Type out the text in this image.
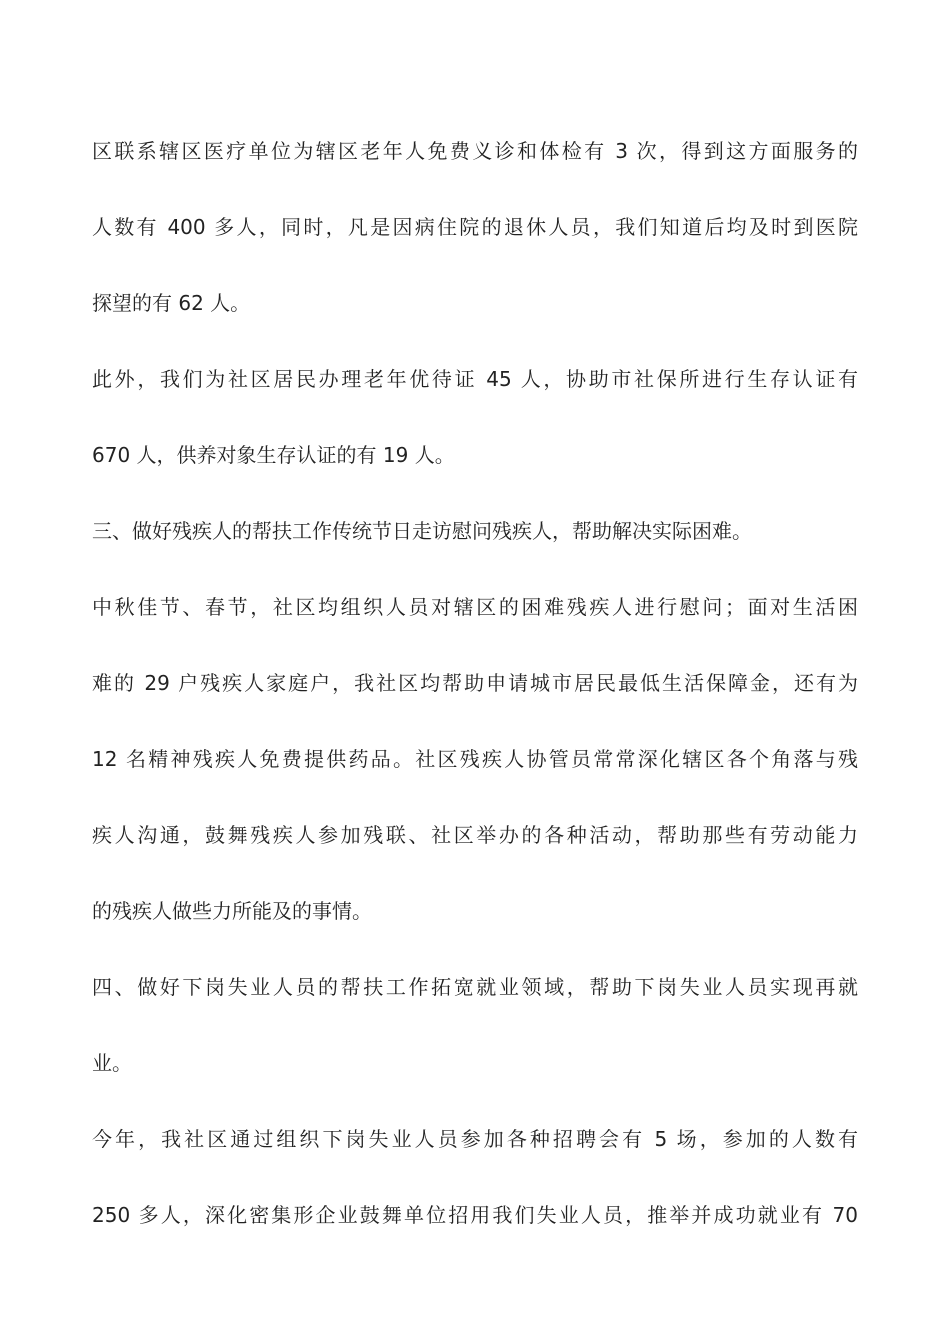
区联系辖区医疗单位为辖区老年人免费义诊和体检有 3 次，得到这方面服务的
人数有 400 多人，同时，凡是因病住院的退休人员，我们知道后均及时到医院
探望的有 62 人。
此外，我们为社区居民办理老年优待证 45 人，协助市社保所进行生存认证有
670 人，供养对象生存认证的有 19 人。
三、做好残疾人的帮扶工作传统节日走访慰问残疾人，帮助解决实际困难。
中秋佳节、春节，社区均组织人员对辖区的困难残疾人进行慰问；面对生活困
难的 29 户残疾人家庭户，我社区均帮助申请城市居民最低生活保障金，还有为
12 名精神残疾人免费提供药品。社区残疾人协管员常常深化辖区各个角落与残
疾人沟通，鼓舞残疾人参加残联、社区举办的各种活动，帮助那些有劳动能力
的残疾人做些力所能及的事情。
四、做好下岗失业人员的帮扶工作拓宽就业领域，帮助下岗失业人员实现再就
业。
今年，我社区通过组织下岗失业人员参加各种招聘会有 5 场，参加的人数有
250 多人，深化密集形企业鼓舞单位招用我们失业人员，推举并成功就业有 70
